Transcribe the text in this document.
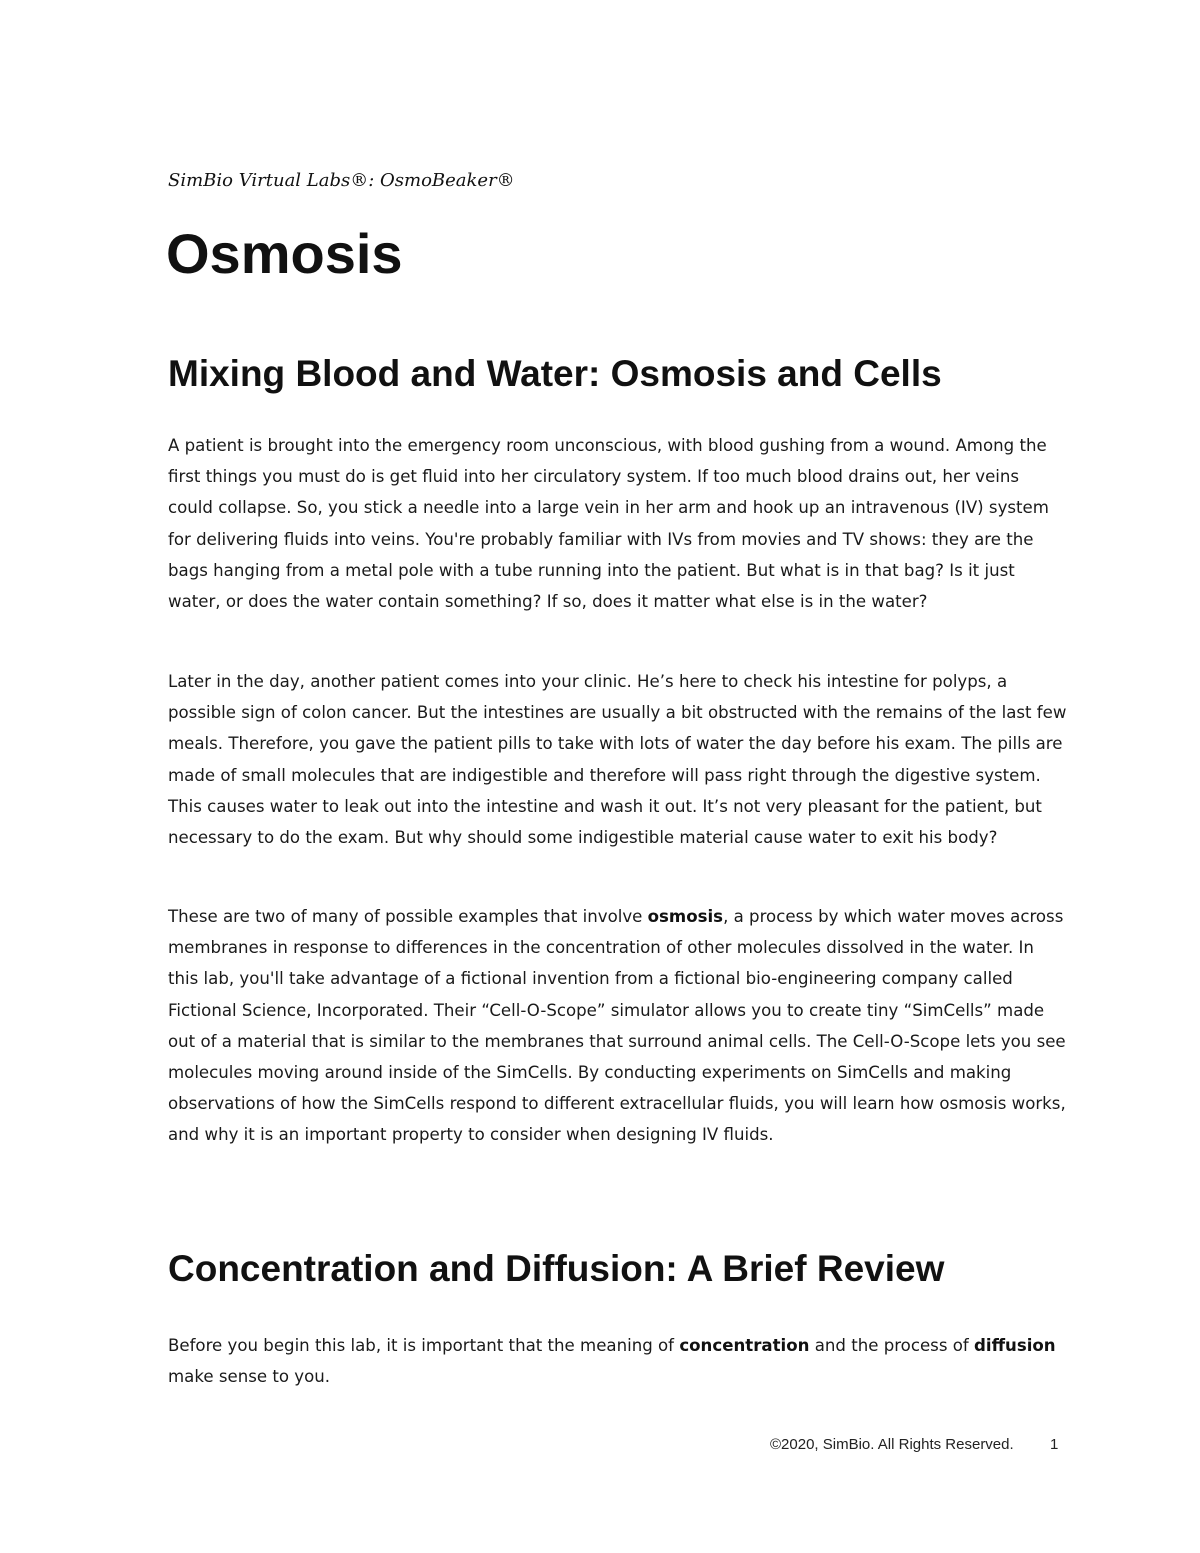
SimBio Virtual Labs®: OsmoBeaker®
Osmosis
Mixing Blood and Water: Osmosis and Cells

A patient is brought into the emergency room unconscious, with blood gushing from a wound. Among the first things you must do is get fluid into her circulatory system. If too much blood drains out, her veins could collapse. So, you stick a needle into a large vein in her arm and hook up an intravenous (IV) system for delivering fluids into veins. You're probably familiar with IVs from movies and TV shows: they are the bags hanging from a metal pole with a tube running into the patient. But what is in that bag? Is it just water, or does the water contain something? If so, does it matter what else is in the water?

Later in the day, another patient comes into your clinic. He’s here to check his intestine for polyps, a possible sign of colon cancer. But the intestines are usually a bit obstructed with the remains of the last few meals. Therefore, you gave the patient pills to take with lots of water the day before his exam. The pills are made of small molecules that are indigestible and therefore will pass right through the digestive system. This causes water to leak out into the intestine and wash it out. It’s not very pleasant for the patient, but necessary to do the exam. But why should some indigestible material cause water to exit his body?

These are two of many of possible examples that involve osmosis, a process by which water moves across membranes in response to differences in the concentration of other molecules dissolved in the water. In this lab, you'll take advantage of a fictional invention from a fictional bio-engineering company called Fictional Science, Incorporated. Their “Cell-O-Scope” simulator allows you to create tiny “SimCells” made out of a material that is similar to the membranes that surround animal cells. The Cell-O-Scope lets you see molecules moving around inside of the SimCells. By conducting experiments on SimCells and making observations of how the SimCells respond to different extracellular fluids, you will learn how osmosis works, and why it is an important property to consider when designing IV fluids.

Concentration and Diffusion: A Brief Review

Before you begin this lab, it is important that the meaning of concentration and the process of diffusion make sense to you.

©2020, SimBio. All Rights Reserved. 1
